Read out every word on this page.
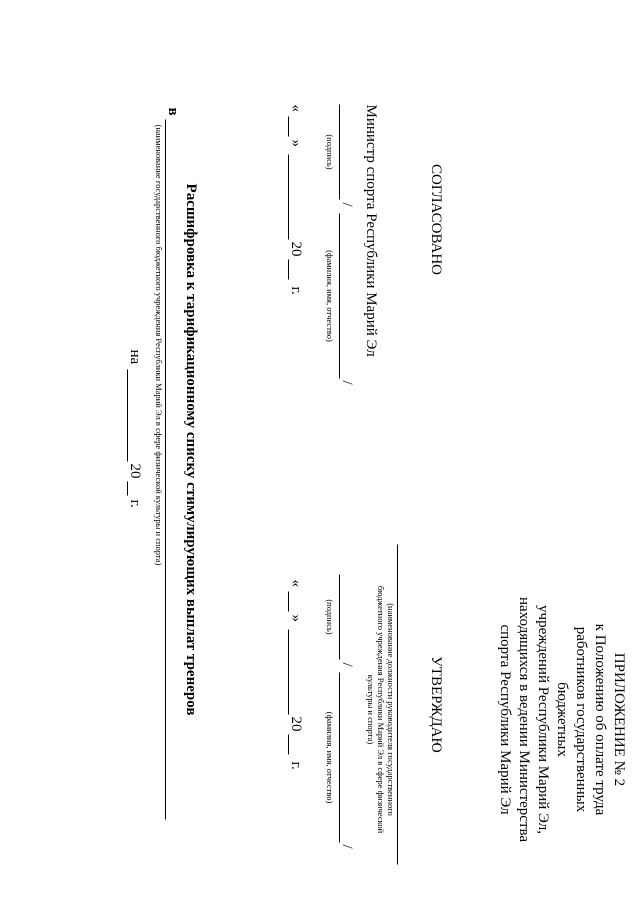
ПРИЛОЖЕНИЕ № 2
к Положению об оплате труда
работников государственных бюджетных
учреждений Республики Марий Эл,
находящихся в ведении Министерства
спорта Республики Марий Эл
СОГЛАСОВАНО
Министр спорта Республики Марий Эл
/
/
(подпись)
(фамилия, имя, отчество)
«
»
20
г.
УТВЕРЖДАЮ
(наименование должности руководителя государственного
бюджетного учреждения Республики Марий Эл в сфере физической
культуры и спорта)
/
/
(подпись)
(фамилия, имя, отчество)
«
»
20
г.
Расшифровка к тарификационному списку стимулирующих выплат тренеров
в
(наименование государственного бюджетного учреждения Республики Марий Эл в сфере физической культуры и спорта)
на
20
г.
